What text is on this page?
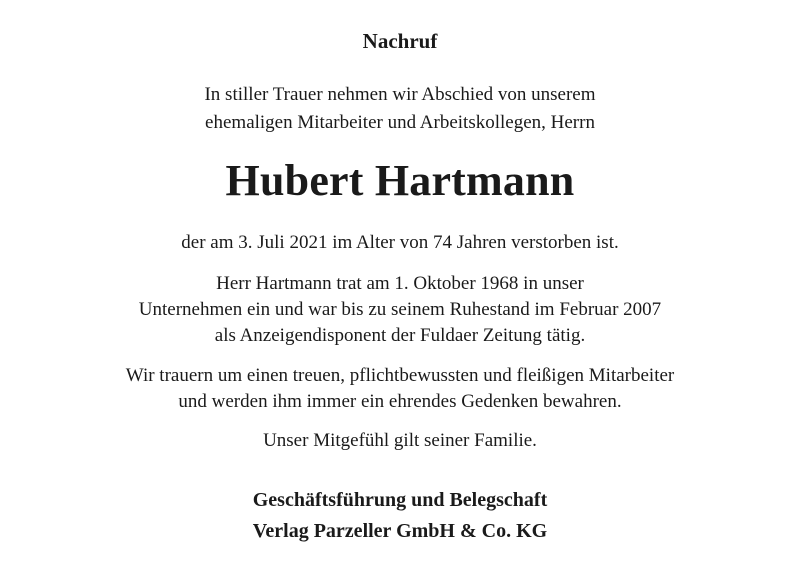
Nachruf
In stiller Trauer nehmen wir Abschied von unserem
ehemaligen Mitarbeiter und Arbeitskollegen, Herrn
Hubert Hartmann
der am 3. Juli 2021 im Alter von 74 Jahren verstorben ist.
Herr Hartmann trat am 1. Oktober 1968 in unser
Unternehmen ein und war bis zu seinem Ruhestand im Februar 2007
als Anzeigendisponent der Fuldaer Zeitung tätig.
Wir trauern um einen treuen, pflichtbewussten und fleißigen Mitarbeiter
und werden ihm immer ein ehrendes Gedenken bewahren.
Unser Mitgefühl gilt seiner Familie.
Geschäftsführung und Belegschaft
Verlag Parzeller GmbH & Co. KG
